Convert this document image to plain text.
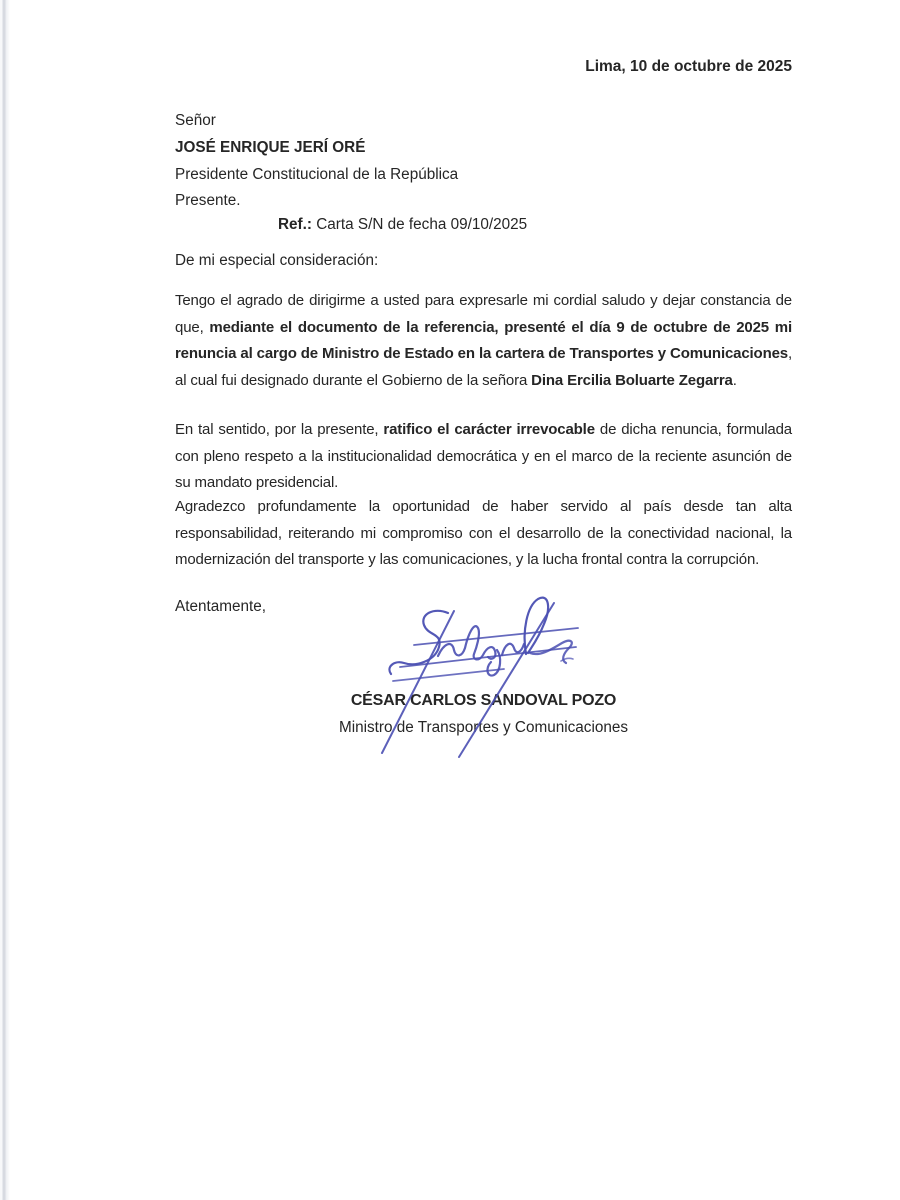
Lima, 10 de octubre de 2025
Señor
JOSÉ ENRIQUE JERÍ ORÉ
Presidente Constitucional de la República
Presente.
Ref.: Carta S/N de fecha 09/10/2025
De mi especial consideración:

Tengo el agrado de dirigirme a usted para expresarle mi cordial saludo y dejar constancia de que, mediante el documento de la referencia, presenté el día 9 de octubre de 2025 mi renuncia al cargo de Ministro de Estado en la cartera de Transportes y Comunicaciones, al cual fui designado durante el Gobierno de la señora Dina Ercilia Boluarte Zegarra.

En tal sentido, por la presente, ratifico el carácter irrevocable de dicha renuncia, formulada con pleno respeto a la institucionalidad democrática y en el marco de la reciente asunción de su mandato presidencial.

Agradezco profundamente la oportunidad de haber servido al país desde tan alta responsabilidad, reiterando mi compromiso con el desarrollo de la conectividad nacional, la modernización del transporte y las comunicaciones, y la lucha frontal contra la corrupción.

Atentamente,
CÉSAR CARLOS SANDOVAL POZO
Ministro de Transportes y Comunicaciones
